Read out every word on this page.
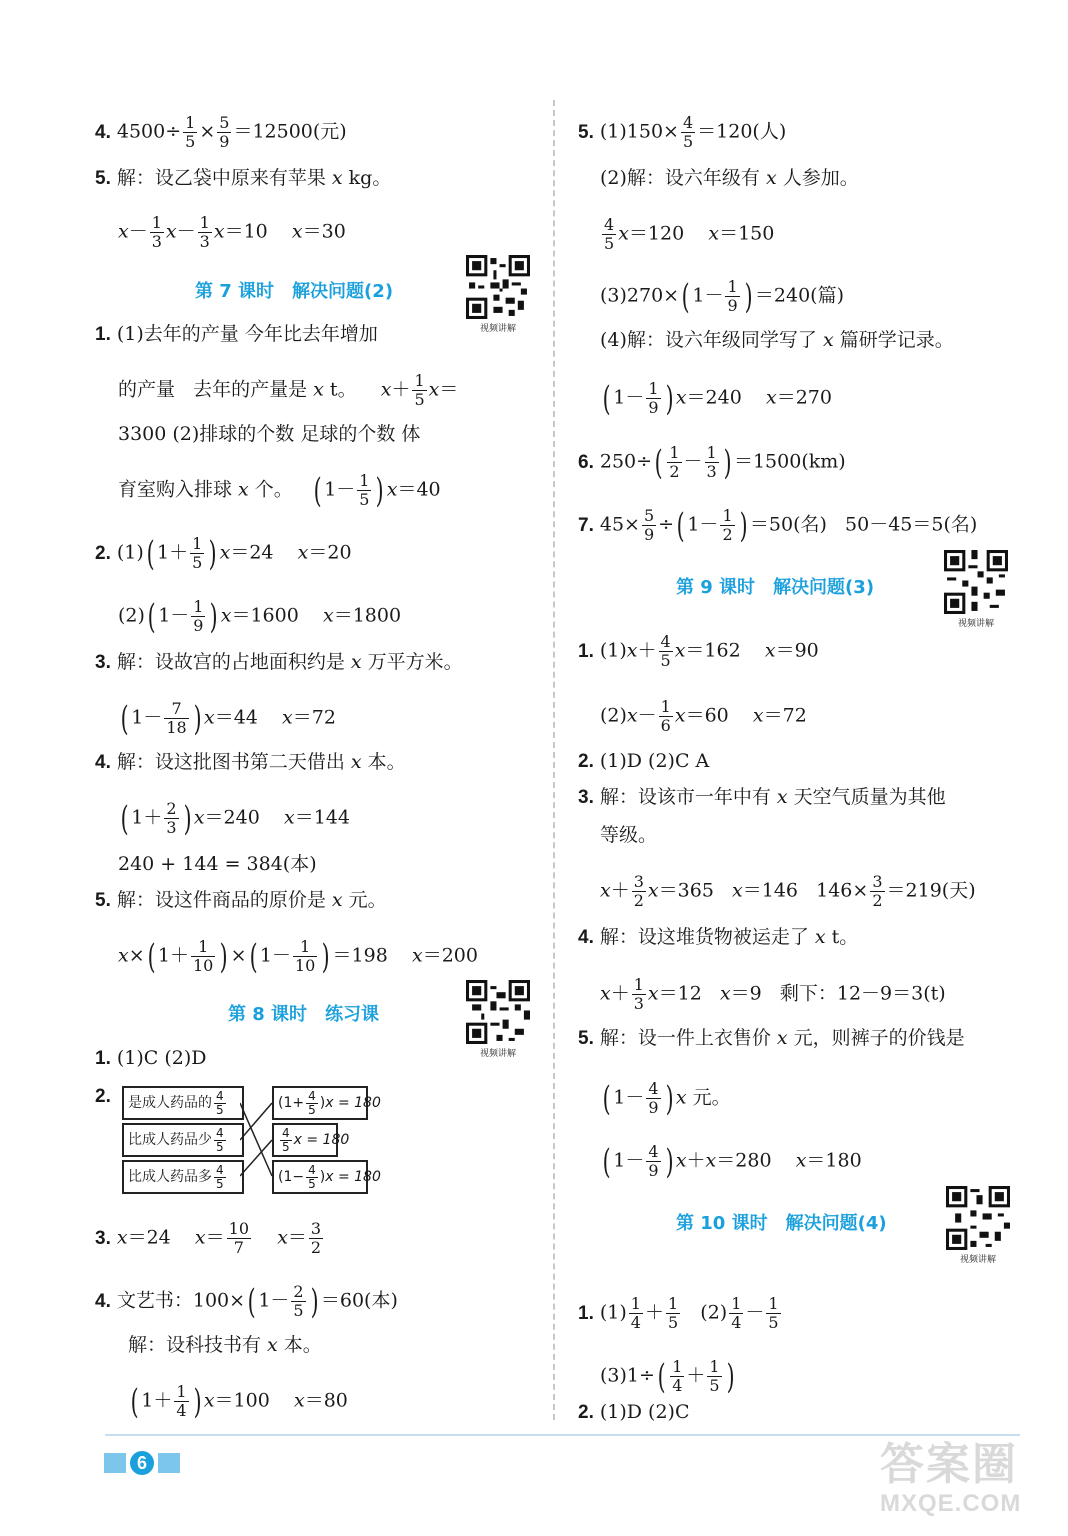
4. $4500\div \frac{1}{5} \times \frac{5}{9} =12500$(元)
5. 解：设乙袋中原来有苹果 x kg。
$x- \frac{1}{3} x- \frac{1}{3} x=10$    x＝30
第 7 课时 解决问题(2)
视频讲解
1. (1)去年的产量 今年比去年增加
的产量   去年的产量是 x t。    $x+ \frac{1}{5} x=$
3300 (2)排球的个数 足球的个数 体
育室购入排球 x 个。   ( $1- \frac{1}{5}$ ) x＝40
2. (1)( $1+ \frac{1}{5}$ ) x＝24    x＝20
(2)( $1- \frac{1}{9}$ ) x＝1600    x＝1800
3. 解：设故宫的占地面积约是 x 万平方米。
( $1- \frac{7}{18}$ ) x＝44    x＝72
4. 解：设这批图书第二天借出 x 本。
( $1+ \frac{2}{3}$ ) x＝240    x＝144
240 + 144 = 384(本)
5. 解：设这件商品的原价是 x 元。
x×( $1+ \frac{1}{10}$ ) ×( $1- \frac{1}{10}$ ) ＝198    x＝200
第 8 课时 练习课
视频讲解
1. (1)C (2)D
2.	是成人药品的 $\frac{4}{5}$
比成人药品少 $\frac{4}{5}$
比成人药品多 $\frac{4}{5}$
$(1+ \frac{4}{5} )x = 180$
$\frac{4}{5}$ x = 180
$(1- \frac{4}{5} )x = 180$
3. x＝24    $x= \frac{10}{7} x= \frac{3}{2}$
4. 文艺书：100×( $1- \frac{2}{5}$ ) ＝60(本)
解：设科技书有 x 本。
( $1+ \frac{1}{4}$ ) x＝100    x＝80
5. $(1)150\times \frac{4}{5} =120$(人)
(2)解：设六年级有 x 人参加。
$\frac{4}{5} x=120$    x＝150
(3)270×( $1- \frac{1}{9}$ ) ＝240(篇)
(4)解：设六年级同学写了 x 篇研学记录。
( $1- \frac{1}{9}$ ) x＝240    x＝270
6. $250\div( \frac{1}{2} - \frac{1}{3}$ ) ＝1500(km)
7. $45\times \frac{5}{9}$ ÷( $1- \frac{1}{2}$ ) ＝50(名)   50－45＝5(名)
第 9 课时 解决问题(3)
视频讲解
1. $(1)x+ \frac{4}{5} x=162$    x＝90
$(2)x- \frac{1}{6} x=60$    x＝72
2. (1)D (2)C A
3. 解：设该市一年中有 x 天空气质量为其他
等级。
$x+ \frac{3}{2} x=365$   x＝146   $146\times \frac{3}{2} =219$(天)
4. 解：设这堆货物被运走了 x t。
$x+ \frac{1}{3} x=12$   x＝9   剩下：12－9＝3(t)
5. 解：设一件上衣售价 x 元，则裤子的价钱是
( $1- \frac{4}{9}$ ) x 元。
( $1- \frac{4}{9}$ ) x＋x＝280    x＝180
第 10 课时 解决问题(4)
视频讲解
1. $(1) \frac{1}{4} + \frac{1}{5} (2) \frac{1}{4} - \frac{1}{5}$
$(3)1\div( \frac{1}{4} + \frac{1}{5}$ )
2. (1)D (2)C
6	答案圈
MXQE.COM
